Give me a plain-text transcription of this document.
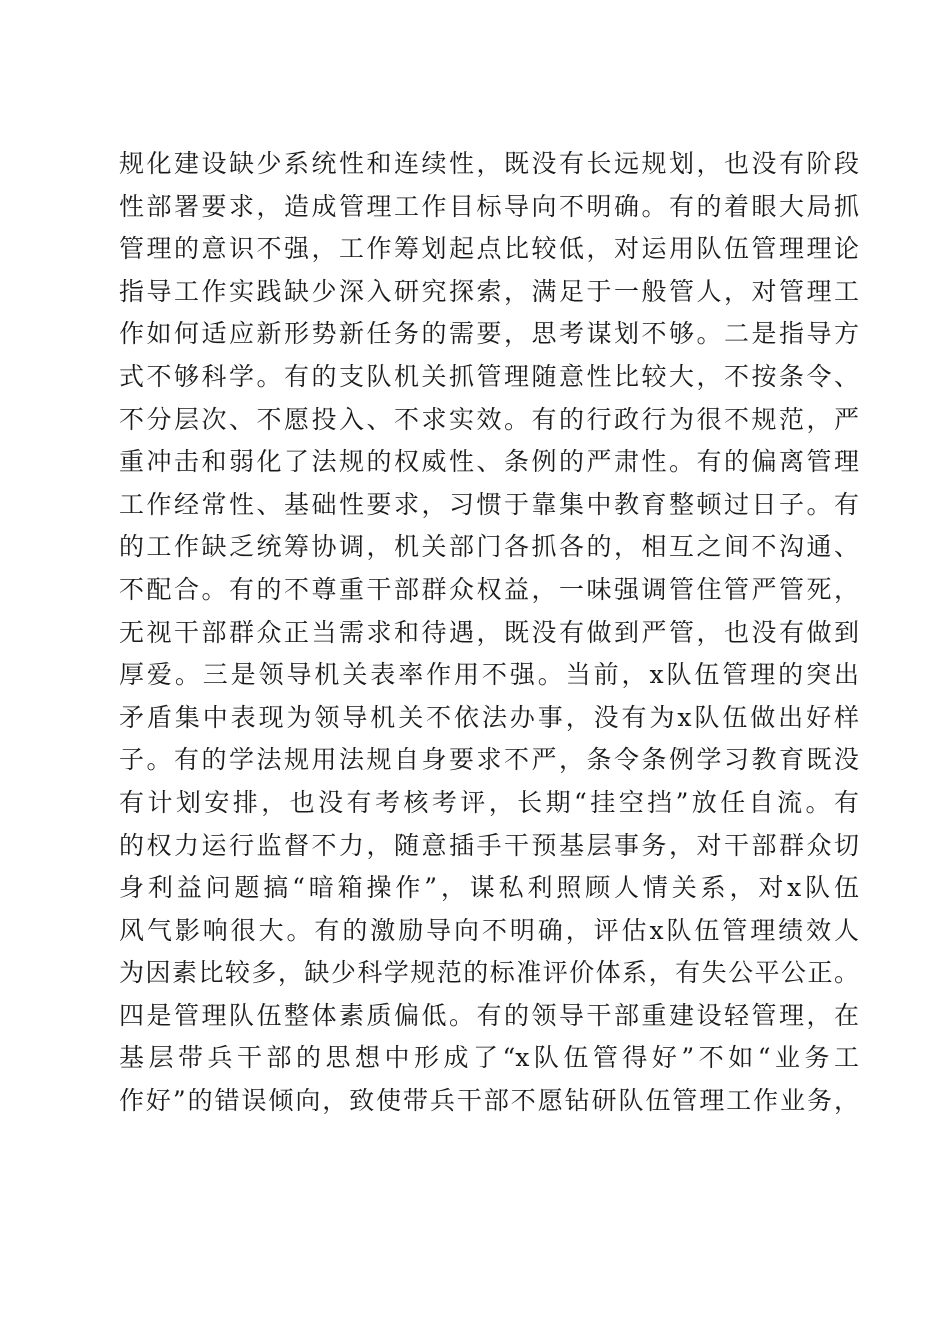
规化建设缺少系统性和连续性，既没有长远规划，也没有阶段
性部署要求，造成管理工作目标导向不明确。有的着眼大局抓
管理的意识不强，工作筹划起点比较低，对运用队伍管理理论
指导工作实践缺少深入研究探索，满足于一般管人，对管理工
作如何适应新形势新任务的需要，思考谋划不够。二是指导方
式不够科学。有的支队机关抓管理随意性比较大，不按条令、
不分层次、不愿投入、不求实效。有的行政行为很不规范，严
重冲击和弱化了法规的权威性、条例的严肃性。有的偏离管理
工作经常性、基础性要求，习惯于靠集中教育整顿过日子。有
的工作缺乏统筹协调，机关部门各抓各的，相互之间不沟通、
不配合。有的不尊重干部群众权益，一味强调管住管严管死，
无视干部群众正当需求和待遇，既没有做到严管，也没有做到
厚爱。三是领导机关表率作用不强。当前，x队伍管理的突出
矛盾集中表现为领导机关不依法办事，没有为x队伍做出好样
子。有的学法规用法规自身要求不严，条令条例学习教育既没
有计划安排，也没有考核考评，长期“挂空挡”放任自流。有
的权力运行监督不力，随意插手干预基层事务，对干部群众切
身利益问题搞“暗箱操作”，谋私利照顾人情关系，对x队伍
风气影响很大。有的激励导向不明确，评估x队伍管理绩效人
为因素比较多，缺少科学规范的标准评价体系，有失公平公正。
四是管理队伍整体素质偏低。有的领导干部重建设轻管理，在
基层带兵干部的思想中形成了“x队伍管得好”不如“业务工
作好”的错误倾向，致使带兵干部不愿钻研队伍管理工作业务，
